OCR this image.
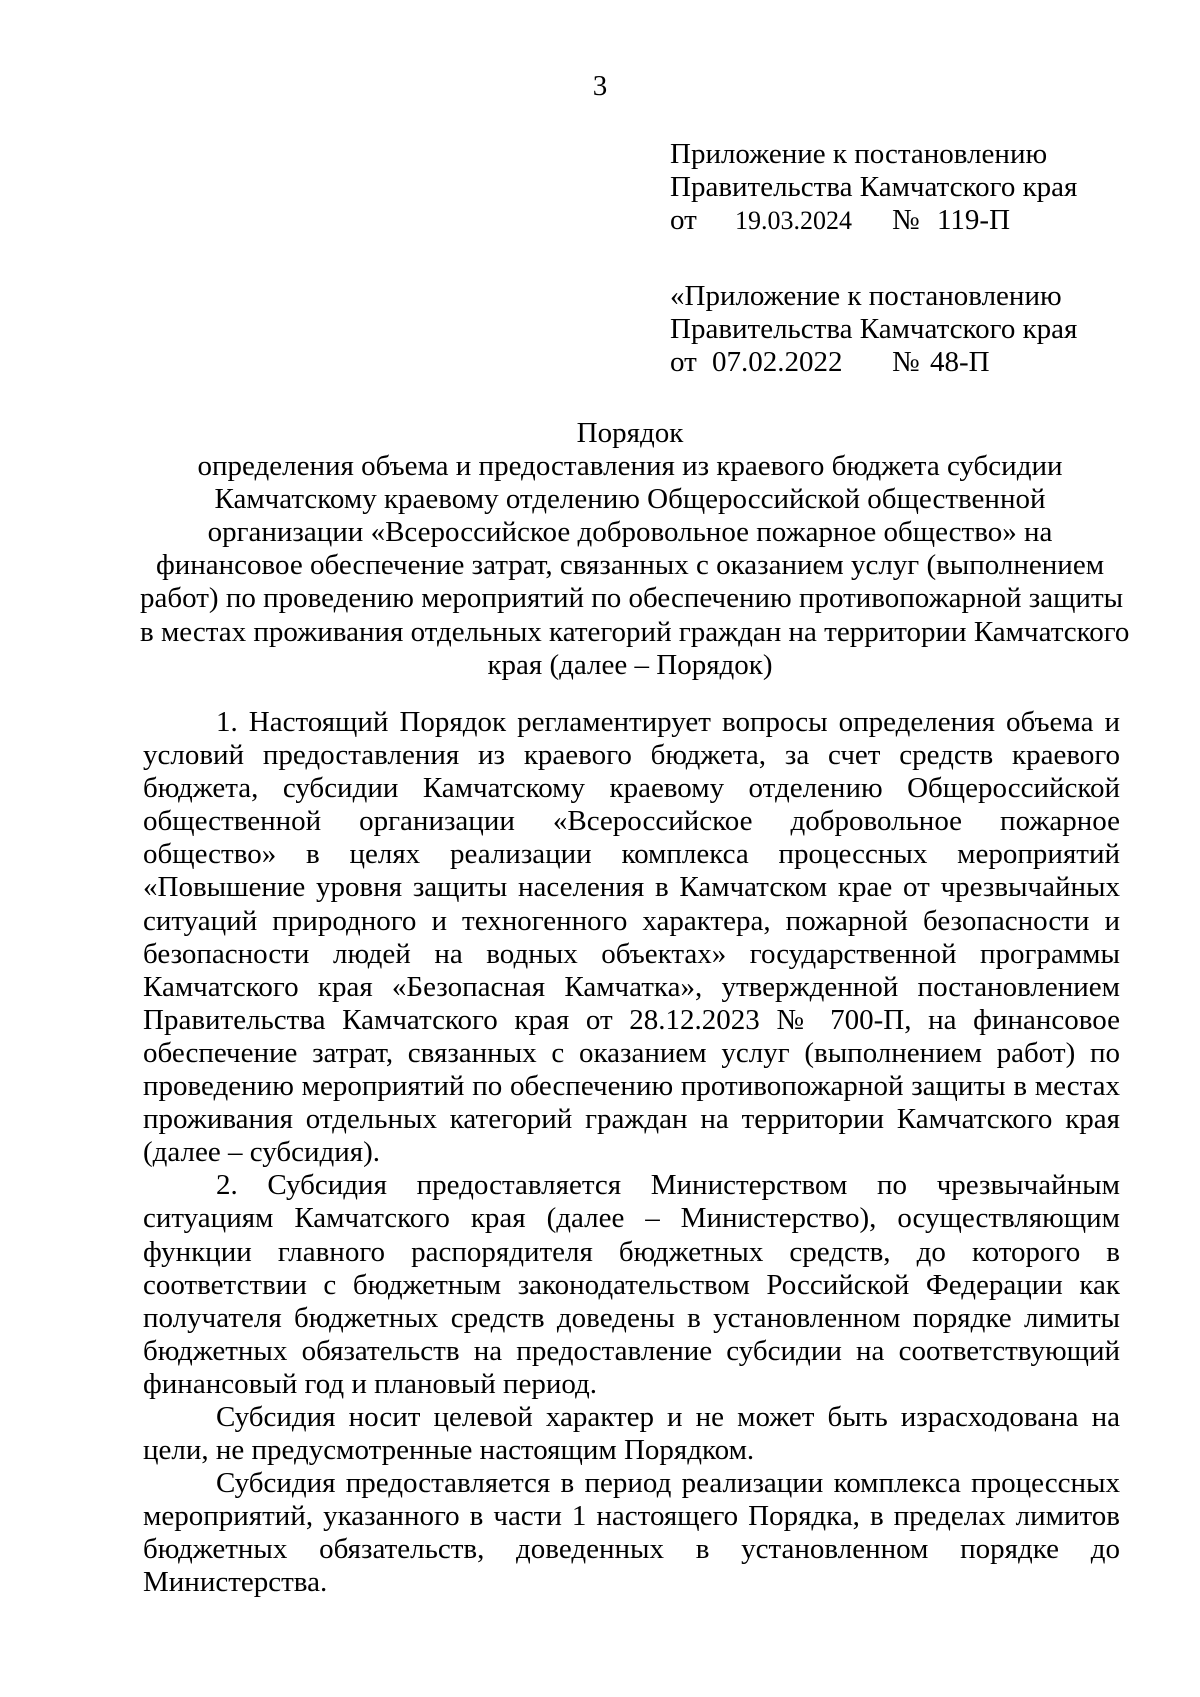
3
Приложение к постановлению
Правительства Камчатского края
от 19.03.2024 № 119-П
«Приложение к постановлению
Правительства Камчатского края
от 07.02.2022 № 48-П
Порядок
определения объема и предоставления из краевого бюджета субсидии
Камчатскому краевому отделению Общероссийской общественной
организации «Всероссийское добровольное пожарное общество» на
финансовое обеспечение затрат, связанных с оказанием услуг (выполнением
работ) по проведению мероприятий по обеспечению противопожарной защиты
в местах проживания отдельных категорий граждан на территории Камчатского
края (далее – Порядок)

1. Настоящий Порядок регламентирует вопросы определения объема и условий предоставления из краевого бюджета, за счет средств краевого бюджета, субсидии Камчатскому краевому отделению Общероссийской общественной организации «Всероссийское добровольное пожарное общество» в целях реализации комплекса процессных мероприятий «Повышение уровня защиты населения в Камчатском крае от чрезвычайных ситуаций природного и техногенного характера, пожарной безопасности и безопасности людей на водных объектах» государственной программы Камчатского края «Безопасная Камчатка», утвержденной постановлением Правительства Камчатского края от 28.12.2023 № 700-П, на финансовое обеспечение затрат, связанных с оказанием услуг (выполнением работ) по проведению мероприятий по обеспечению противопожарной защиты в местах проживания отдельных категорий граждан на территории Камчатского края (далее – субсидия).

2. Субсидия предоставляется Министерством по чрезвычайным ситуациям Камчатского края (далее – Министерство), осуществляющим функции главного распорядителя бюджетных средств, до которого в соответствии с бюджетным законодательством Российской Федерации как получателя бюджетных средств доведены в установленном порядке лимиты бюджетных обязательств на предоставление субсидии на соответствующий финансовый год и плановый период.

Субсидия носит целевой характер и не может быть израсходована на цели, не предусмотренные настоящим Порядком.

Субсидия предоставляется в период реализации комплекса процессных мероприятий, указанного в части 1 настоящего Порядка, в пределах лимитов бюджетных обязательств, доведенных в установленном порядке до Министерства.
